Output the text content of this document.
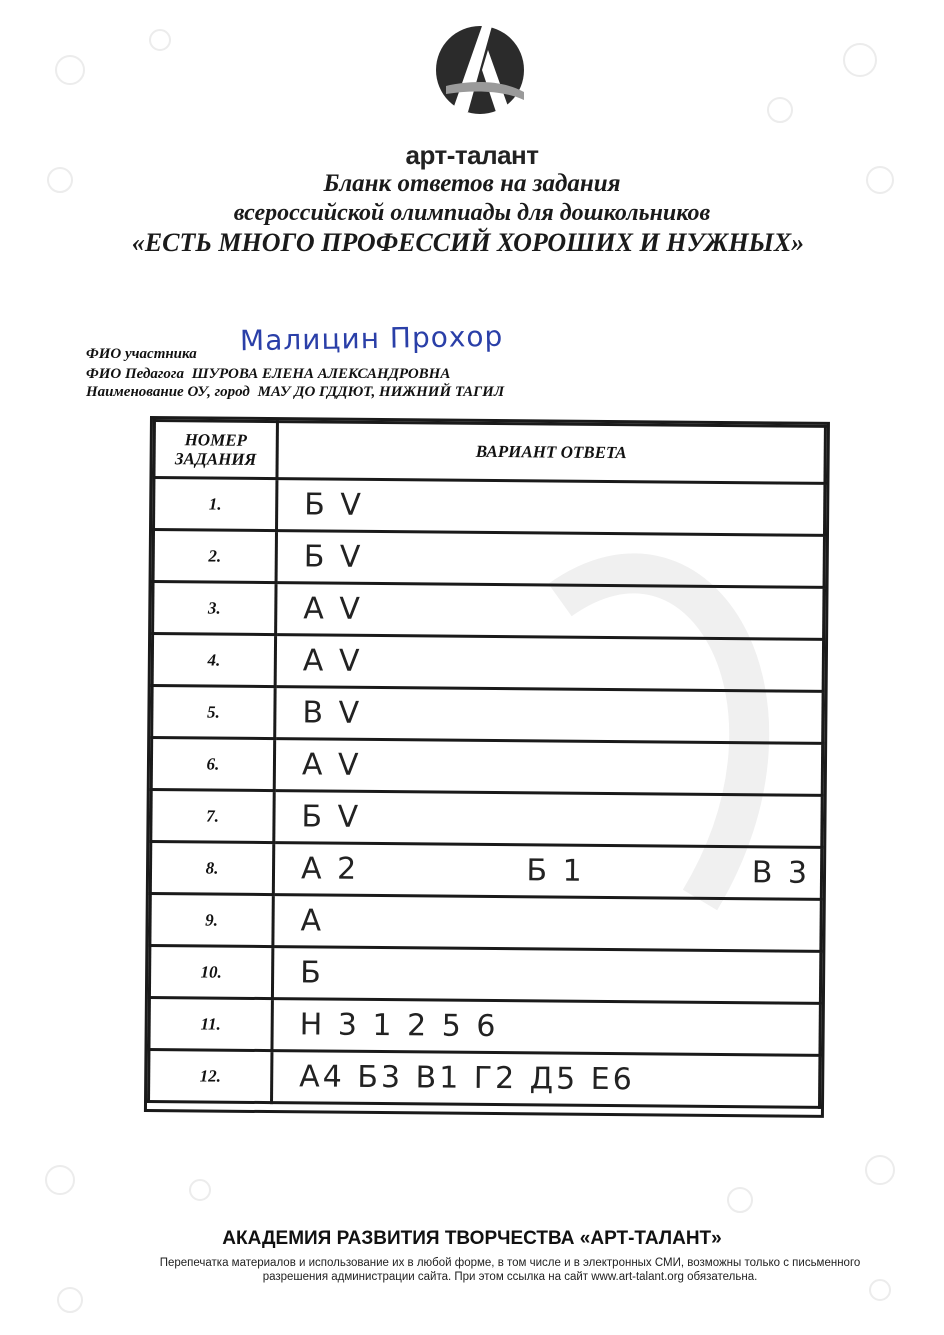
арт-талант
Бланк ответов на задания
всероссийской олимпиады для дошкольников
«ЕСТЬ МНОГО ПРОФЕССИЙ ХОРОШИХ И НУЖНЫХ»
ФИО участника Малицин Прохор
ФИО Педагога ШУРОВА ЕЛЕНА АЛЕКСАНДРОВНА
Наименование ОУ, город МАУ ДО ГДДЮТ, НИЖНИЙ ТАГИЛ
НОМЕР ЗАДАНИЯ	ВАРИАНТ ОТВЕТА
1.	Б V
2.	Б V
3.	А V
4.	А V
5.	В V
6.	А V
7.	Б V
8.	А 2 Б 1 В 3

9.	А
10.	Б
11.	Н 3 1 2 5 6
12.	А4 Б3 В1 Г2 Д5 Е6
АКАДЕМИЯ РАЗВИТИЯ ТВОРЧЕСТВА «АРТ-ТАЛАНТ»
Перепечатка материалов и использование их в любой форме, в том числе и в электронных СМИ, возможны только с письменного разрешения администрации сайта. При этом ссылка на сайт www.art-talant.org обязательна.
